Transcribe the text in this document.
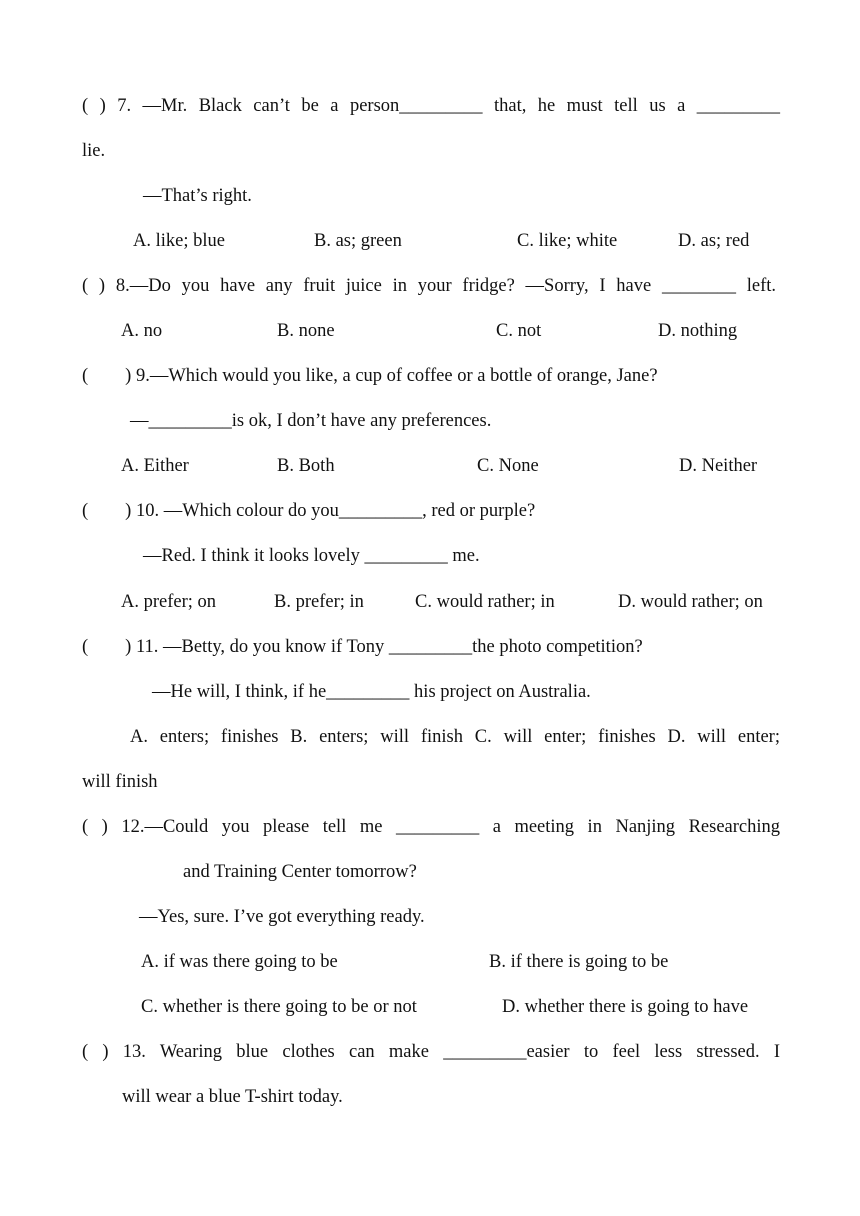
( ) 7. —Mr. Black can’t be a person_________ that, he must tell us a _________
lie.
—That’s right.
A. like; blue	B. as; green	C. like; white	D. as; red
( ) 8.—Do you have any fruit juice in your fridge? —Sorry, I have ________ left.
A. no	B. none	C. not	D. nothing
(        ) 9.—Which would you like, a cup of coffee or a bottle of orange, Jane?
—_________is ok, I don’t have any preferences.
A. Either	B. Both	C. None	D. Neither
(        ) 10. —Which colour do you_________, red or purple?
—Red. I think it looks lovely _________ me.
A. prefer; on	B. prefer; in	C. would rather; in	D. would rather; on
(        ) 11. —Betty, do you know if Tony _________the photo competition?
—He will, I think, if he_________ his project on Australia.
A. enters; finishes B. enters; will finish C. will enter; finishes D. will enter;
will finish
( ) 12.—Could you please tell me _________ a meeting in Nanjing Researching
and Training Center tomorrow?
—Yes, sure. I’ve got everything ready.
A. if was there going to be	B. if there is going to be
C. whether is there going to be or not	D. whether there is going to have
( ) 13. Wearing blue clothes can make _________easier to feel less stressed. I
will wear a blue T-shirt today.
